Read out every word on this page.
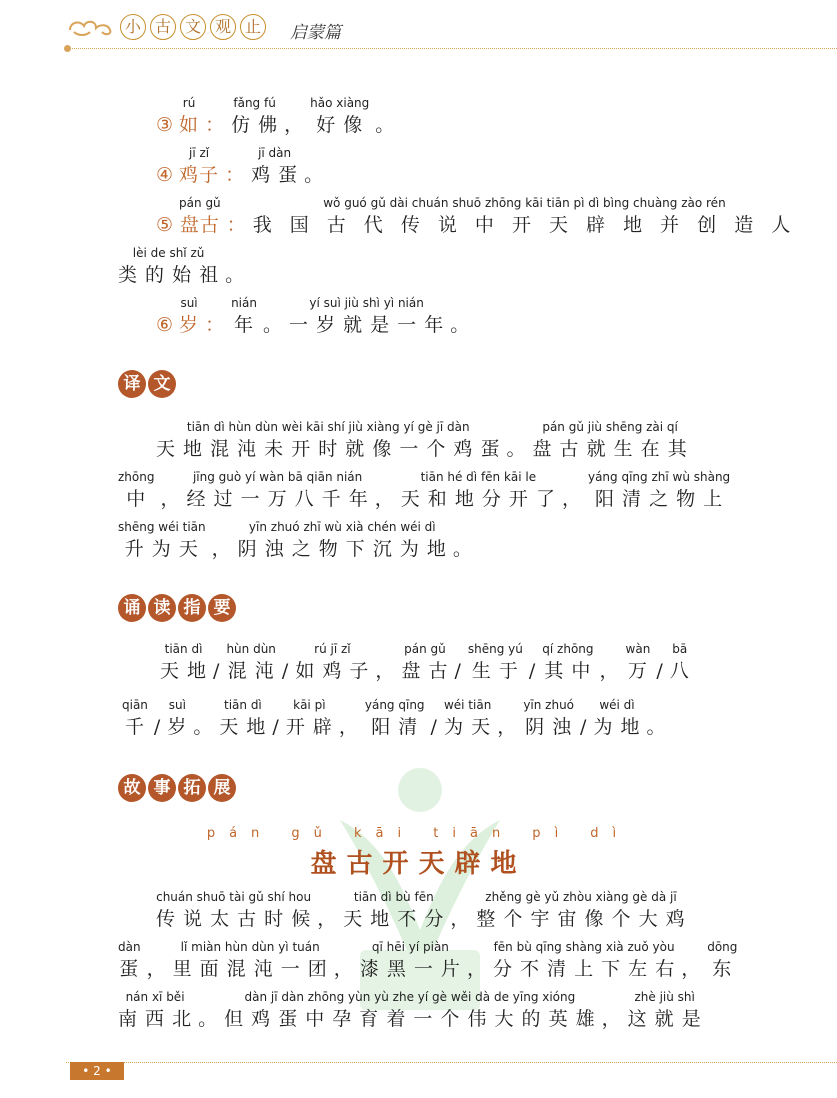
小 古 文 观 止 启蒙篇
③
rú
如 ：
fǎng fú
仿 佛 ，
hǎo xiàng
好 像 。
④
jī zǐ
鸡子 ：
jī dàn
鸡 蛋 。
⑤
pán gǔ
盘古 ：
wǒ guó gǔ dài chuán shuō zhōng kāi tiān pì dì bìng chuàng zào rén
我 国 古 代 传 说 中 开 天 辟 地 并 创 造 人
lèi de shǐ zǔ
类 的 始 祖 。
⑥
suì
岁 ：
nián
年 。
yí suì jiù shì yì nián
一 岁 就 是 一 年 。
译 文
tiān dì hùn dùn wèi kāi shí jiù xiàng yí gè jī dàn
天 地 混 沌 未 开 时 就 像 一 个 鸡 蛋 。
pán gǔ jiù shēng zài qí
盘 古 就 生 在 其
zhōng
中 ，
jīng guò yí wàn bā qiān nián
经 过 一 万 八 千 年 ，
tiān hé dì fēn kāi le
天 和 地 分 开 了 ，
yáng qīng zhī wù shàng
阳 清 之 物 上
shēng wéi tiān
升 为 天 ，
yīn zhuó zhī wù xià chén wéi dì
阴 浊 之 物 下 沉 为 地 。
诵 读 指 要
tiān dì
天 地 /
hùn dùn
混 沌 /
rú jī zǐ
如 鸡 子 ，
pán gǔ
盘 古 /
shēng yú
生 于 /
qí zhōng
其 中 ，
wàn
万 /
bā
八
qiān
千 /
suì
岁 。
tiān dì
天 地 /
kāi pì
开 辟 ，
yáng qīng
阳 清 /
wéi tiān
为 天 ，
yīn zhuó
阴 浊 /
wéi dì
为 地 。
故 事 拓 展
pán gǔ kāi tiān pì dì
盘古开天辟地
chuán shuō tài gǔ shí hou
传 说 太 古 时 候 ，
tiān dì bù fēn
天 地 不 分 ，
zhěng gè yǔ zhòu xiàng gè dà jī
整 个 宇 宙 像 个 大 鸡
dàn
蛋 ，
lǐ miàn hùn dùn yì tuán
里 面 混 沌 一 团 ，
qī hēi yí piàn
漆 黑 一 片 ，
fēn bù qīng shàng xià zuǒ yòu
分 不 清 上 下 左 右 ，
dōng
东
nán xī běi
南 西 北 。
dàn jī dàn zhōng yùn yù zhe yí gè wěi dà de yīng xióng
但 鸡 蛋 中 孕 育 着 一 个 伟 大 的 英 雄 ，
zhè jiù shì
这 就 是
• 2 •
